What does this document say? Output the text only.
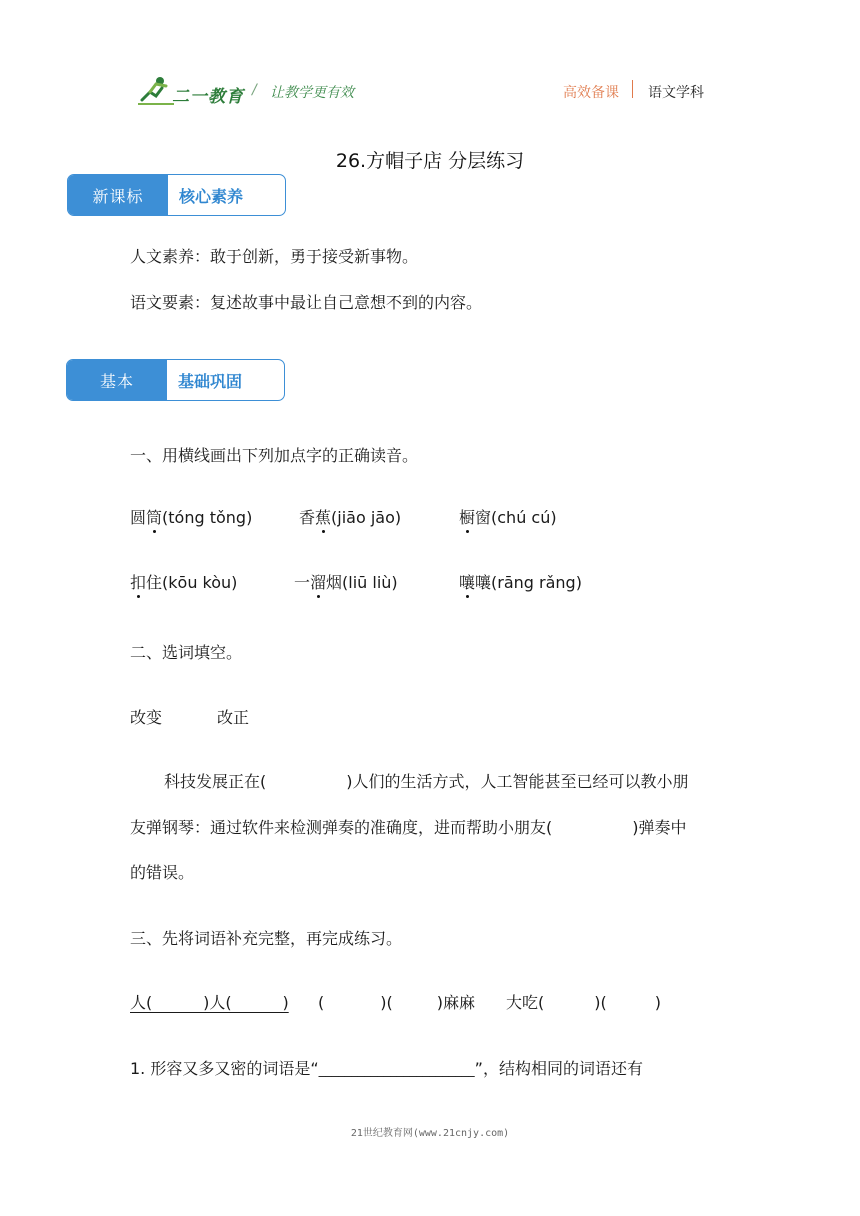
二一教育 / 让教学更有效	高效备课 语文学科
26.方帽子店 分层练习
新课标	核心素养
人文素养：敢于创新，勇于接受新事物。
语文要素：复述故事中最让自己意想不到的内容。
基本	基础巩固
一、用横线画出下列加点字的正确读音。
圆筒(tóng tǒng)	香蕉(jiāo jāo)	橱窗(chú cú)
扣住(kōu kòu)	一溜烟(liū liù)	嚷嚷(rāng rǎng)
二、选词填空。
改变	改正
科技发展正在(	)人们的生活方式，人工智能甚至已经可以教小朋
友弹钢琴：通过软件来检测弹奏的准确度，进而帮助小朋友(	)弹奏中
的错误。
三、先将词语补充完整，再完成练习。
人(          )人(          ) (	)(	)麻麻 大吃(	)(	)
1. 形容又多又密的词语是“________________________”，结构相同的词语还有
21世纪教育网(www.21cnjy.com)
